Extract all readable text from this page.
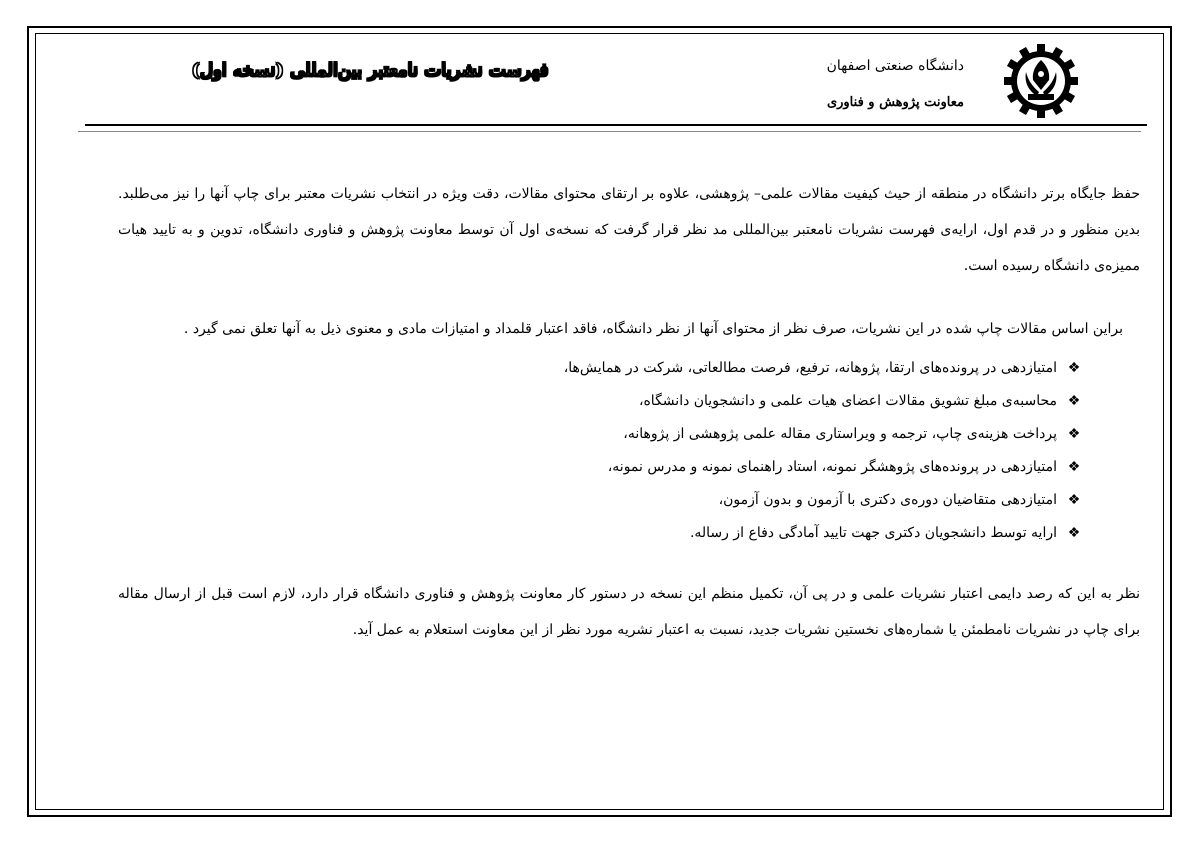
دانشگاه صنعتی اصفهان
معاونت پژوهش و فناوری
فهرست نشریات نامعتبر بین‌المللی (نسخه اول)
حفظ جایگاه برتر دانشگاه در منطقه از حیث کیفیت مقالات علمی– پژوهشی، علاوه بر ارتقای محتوای مقالات، دقت ویژه در انتخاب نشریات معتبر برای چاپ آنها را نیز می‌طلبد. بدین منظور و در قدم اول، ارایه‌ی فهرست نشریات نامعتبر بین‌المللی مد نظر قرار گرفت که نسخه‌ی اول آن توسط معاونت پژوهش و فناوری دانشگاه، تدوین و به تایید هیات ممیزه‌ی دانشگاه رسیده است.
براین اساس مقالات چاپ شده در این نشریات، صرف نظر از محتوای آنها از نظر دانشگاه، فاقد اعتبار قلمداد و امتیازات مادی و معنوی ذیل به آنها تعلق نمی گیرد .
❖
امتیازدهی در پرونده‌های ارتقا، پژوهانه، ترفیع، فرصت مطالعاتی، شرکت در همایش‌ها،
❖
محاسبه‌ی مبلغ تشویق مقالات اعضای هیات علمی و دانشجویان دانشگاه،
❖
پرداخت هزینه‌ی چاپ، ترجمه و ویراستاری مقاله علمی پژوهشی از پژوهانه،
❖
امتیازدهی در پرونده‌های پژوهشگر نمونه، استاد راهنمای نمونه و مدرس نمونه،
❖
امتیازدهی متقاضیان دوره‌ی دکتری با آزمون و بدون آزمون،
❖
ارایه توسط دانشجویان دکتری جهت تایید آمادگی دفاع از رساله.
نظر به این که رصد دایمی اعتبار نشریات علمی و در پی آن، تکمیل منظم این نسخه در دستور کار معاونت پژوهش و فناوری دانشگاه قرار دارد، لازم است قبل از ارسال مقاله برای چاپ در نشریات نامطمئن یا شماره‌های نخستین نشریات جدید، نسبت به اعتبار نشریه مورد نظر از این معاونت استعلام به عمل آید.
